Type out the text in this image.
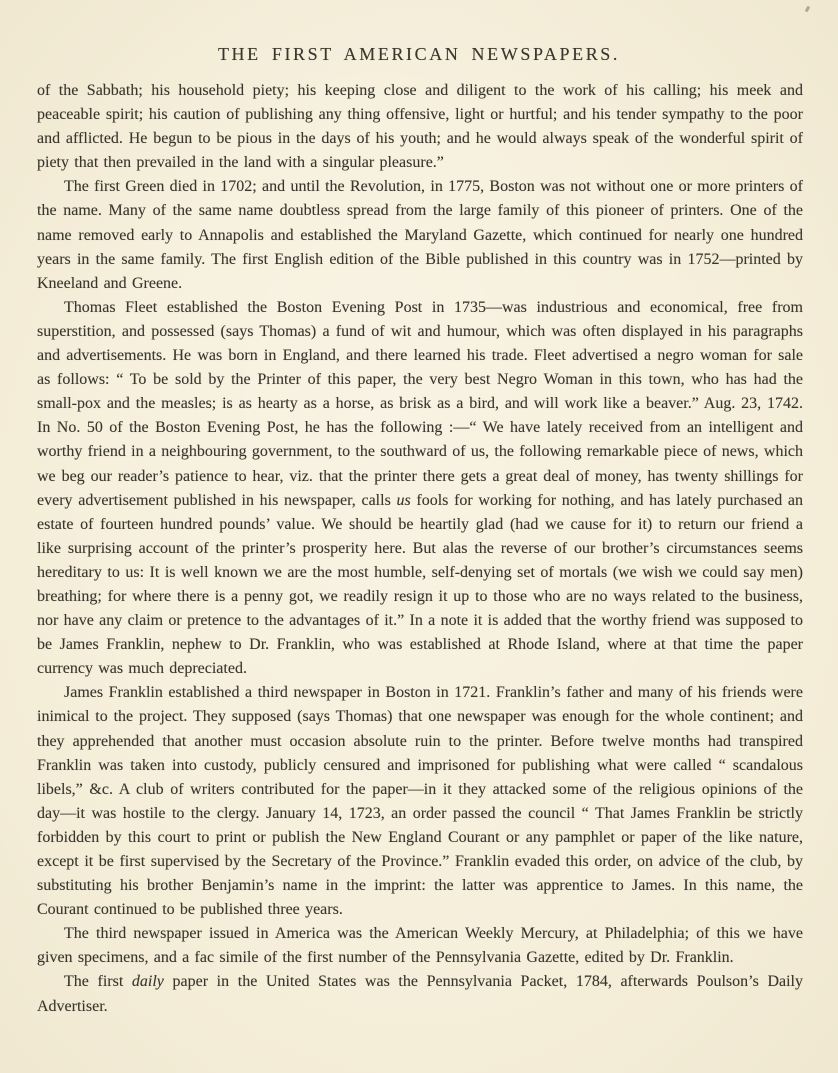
THE FIRST AMERICAN NEWSPAPERS.

of the Sabbath; his household piety; his keeping close and diligent to the work of his calling; his meek and peaceable spirit; his caution of publishing any thing offensive, light or hurtful; and his tender sympathy to the poor and afflicted. He begun to be pious in the days of his youth; and he would always speak of the wonderful spirit of piety that then prevailed in the land with a singular pleasure.”

The first Green died in 1702; and until the Revolution, in 1775, Boston was not without one or more printers of the name. Many of the same name doubtless spread from the large family of this pioneer of printers. One of the name removed early to Annapolis and established the Maryland Gazette, which continued for nearly one hundred years in the same family. The first English edition of the Bible published in this country was in 1752—printed by Kneeland and Greene.

Thomas Fleet established the Boston Evening Post in 1735—was industrious and economical, free from superstition, and possessed (says Thomas) a fund of wit and humour, which was often displayed in his paragraphs and advertisements. He was born in England, and there learned his trade. Fleet advertised a negro woman for sale as follows: “ To be sold by the Printer of this paper, the very best Negro Woman in this town, who has had the small-pox and the measles; is as hearty as a horse, as brisk as a bird, and will work like a beaver.” Aug. 23, 1742. In No. 50 of the Boston Evening Post, he has the following :—“ We have lately received from an intelligent and worthy friend in a neighbouring government, to the southward of us, the following remarkable piece of news, which we beg our reader’s patience to hear, viz. that the printer there gets a great deal of money, has twenty shillings for every advertisement published in his newspaper, calls us fools for working for nothing, and has lately purchased an estate of fourteen hundred pounds’ value. We should be heartily glad (had we cause for it) to return our friend a like surprising account of the printer’s prosperity here. But alas the reverse of our brother’s circumstances seems hereditary to us: It is well known we are the most humble, self-denying set of mortals (we wish we could say men) breathing; for where there is a penny got, we readily resign it up to those who are no ways related to the business, nor have any claim or pretence to the advantages of it.” In a note it is added that the worthy friend was supposed to be James Franklin, nephew to Dr. Franklin, who was established at Rhode Island, where at that time the paper currency was much depreciated.

James Franklin established a third newspaper in Boston in 1721. Franklin’s father and many of his friends were inimical to the project. They supposed (says Thomas) that one newspaper was enough for the whole continent; and they apprehended that another must occasion absolute ruin to the printer. Before twelve months had transpired Franklin was taken into custody, publicly censured and imprisoned for publishing what were called “ scandalous libels,” &c. A club of writers contributed for the paper—in it they attacked some of the religious opinions of the day—it was hostile to the clergy. January 14, 1723, an order passed the council “ That James Franklin be strictly forbidden by this court to print or publish the New England Courant or any pamphlet or paper of the like nature, except it be first supervised by the Secretary of the Province.” Franklin evaded this order, on advice of the club, by substituting his brother Benjamin’s name in the imprint: the latter was apprentice to James. In this name, the Courant continued to be published three years.

The third newspaper issued in America was the American Weekly Mercury, at Philadelphia; of this we have given specimens, and a fac simile of the first number of the Pennsylvania Gazette, edited by Dr. Franklin.

The first daily paper in the United States was the Pennsylvania Packet, 1784, afterwards Poulson’s Daily Advertiser.
